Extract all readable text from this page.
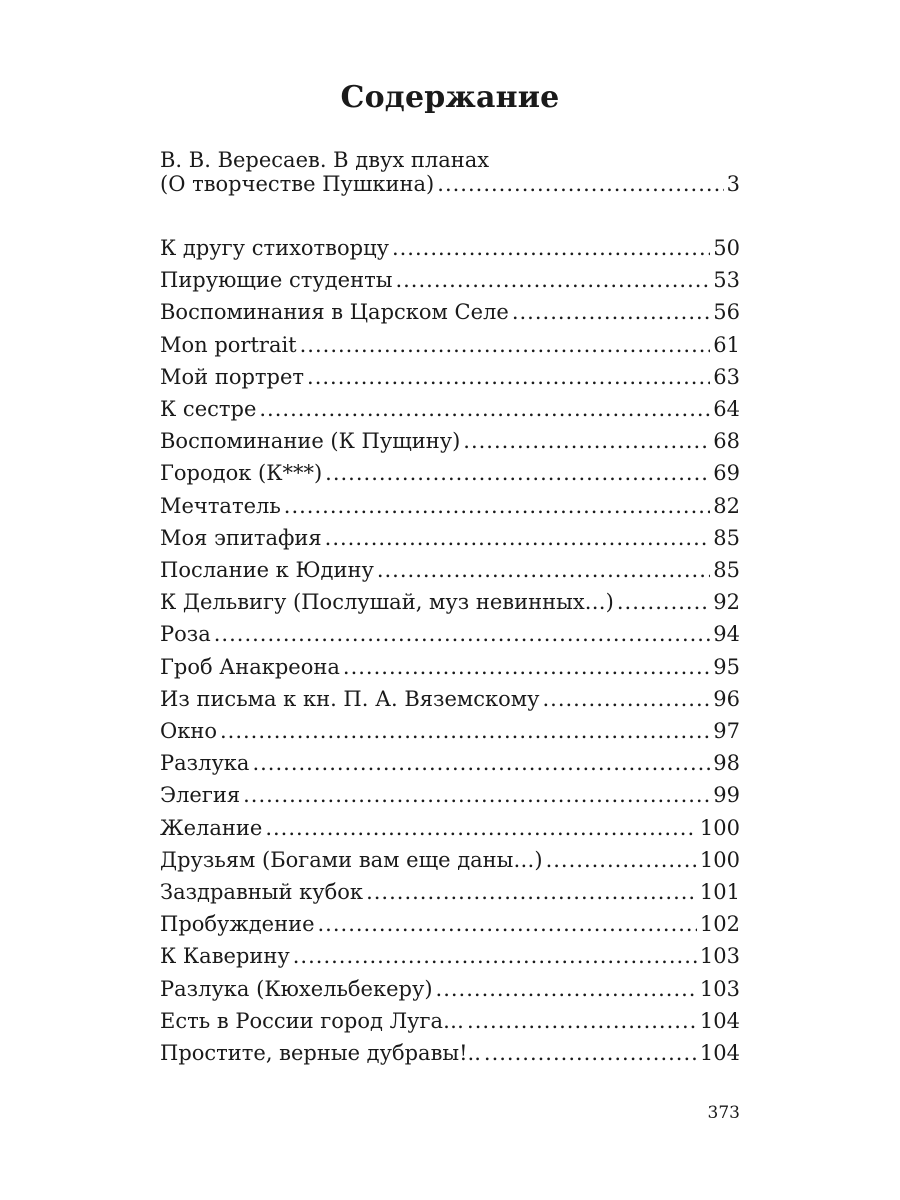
Содержание
В. В. Вересаев. В двух планах
(О творчестве Пушкина) .....	3
К другу стихотворцу .....	50
Пирующие студенты .....	53
Воспоминания в Царском Селе .....	56
Mon portrait .....	61
Мой портрет .....	63
К сестре .....	64
Воспоминание (К Пущину) .....	68
Городок (К***) .....	69
Мечтатель .....	82
Моя эпитафия .....	85
Послание к Юдину .....	85
К Дельвигу (Послушай, муз невинных…) .....	92
Роза .....	94
Гроб Анакреона .....	95
Из письма к кн. П. А. Вяземскому .....	96
Окно .....	97
Разлука .....	98
Элегия .....	99
Желание .....	100
Друзьям (Богами вам еще даны…) .....	100
Заздравный кубок .....	101
Пробуждение .....	102
К Каверину .....	103
Разлука (Кюхельбекеру) .....	103
Есть в России город Луга… .....	104
Простите, верные дубравы!.. .....	104
373
